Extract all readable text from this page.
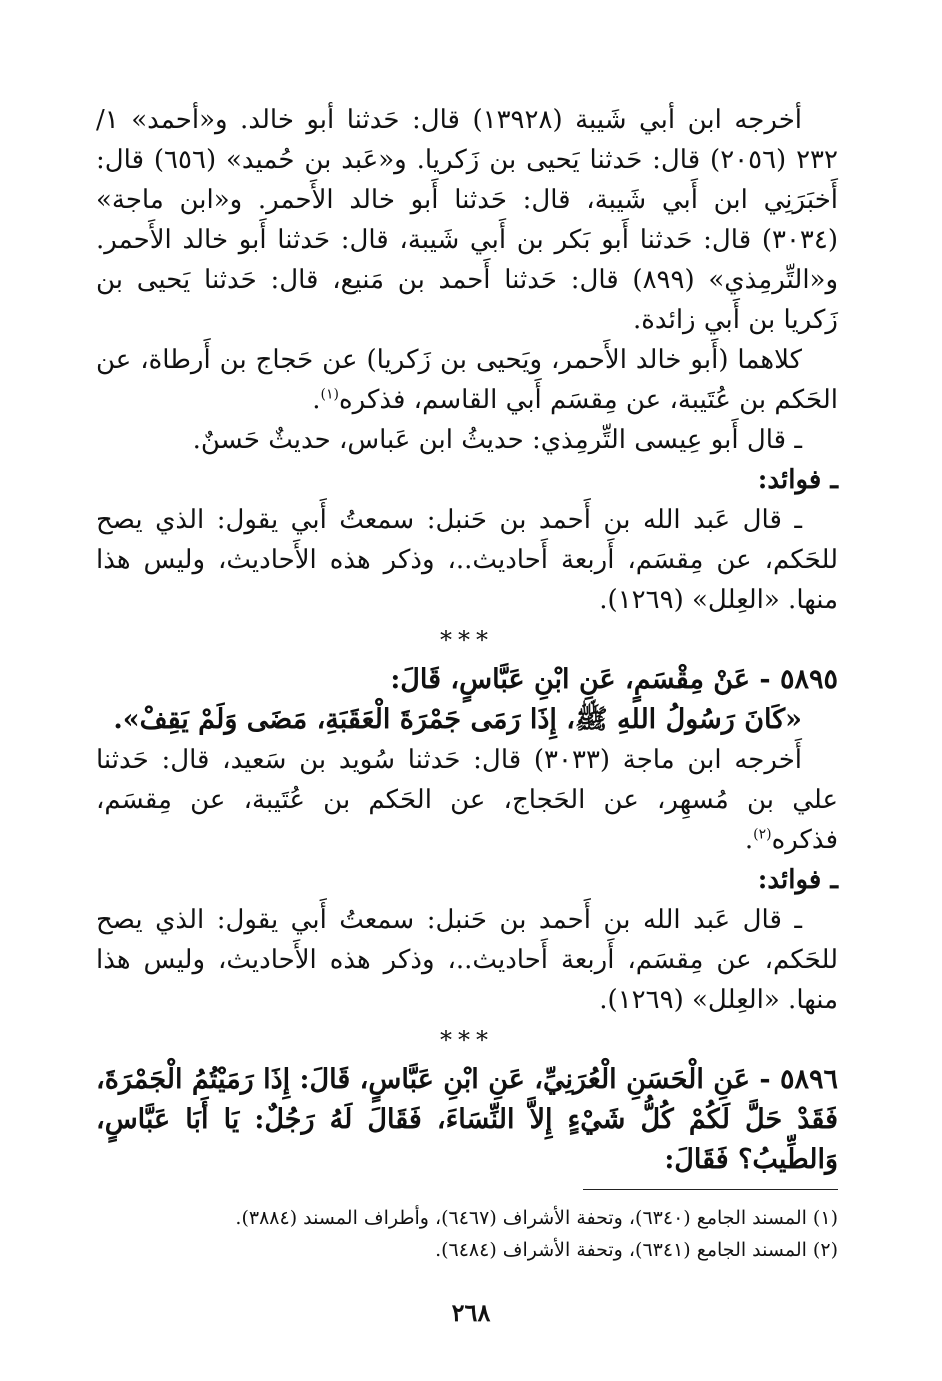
أخرجه ابن أبي شَيبة (١٣٩٢٨) قال: حَدثنا أبو خالد. و«أحمد» ١/ ٢٣٢ (٢٠٥٦) قال: حَدثنا يَحيى بن زَكريا. و«عَبد بن حُميد» (٦٥٦) قال: أَخبَرَنِي ابن أَبي شَيبة، قال: حَدثنا أَبو خالد الأَحمر. و«ابن ماجة» (٣٠٣٤) قال: حَدثنا أَبو بَكر بن أَبي شَيبة، قال: حَدثنا أَبو خالد الأَحمر. و«التِّرمِذي» (٨٩٩) قال: حَدثنا أَحمد بن مَنيع، قال: حَدثنا يَحيى بن زَكريا بن أَبي زائدة.

كلاهما (أَبو خالد الأَحمر، ويَحيى بن زَكريا) عن حَجاج بن أَرطاة، عن الحَكم بن عُتَيبة، عن مِقسَم أَبي القاسم، فذكره$^{(١)}$.

ـ قال أَبو عِيسى التِّرمِذي: حديثُ ابن عَباس، حديثٌ حَسنٌ.

ـ فوائد:

ـ قال عَبد الله بن أَحمد بن حَنبل: سمعتُ أَبي يقول: الذي يصح للحَكم، عن مِقسَم، أَربعة أَحاديث..، وذكر هذه الأَحاديث، وليس هذا منها. «العِلل» (١٢٦٩).

***

٥٨٩٥ - عَنْ مِقْسَمٍ، عَنِ ابْنِ عَبَّاسٍ، قَالَ:

«كَانَ رَسُولُ اللهِ ﷺ، إِذَا رَمَى جَمْرَةَ الْعَقَبَةِ، مَضَى وَلَمْ يَقِفْ».

أَخرجه ابن ماجة (٣٠٣٣) قال: حَدثنا سُويد بن سَعيد، قال: حَدثنا علي بن مُسهِر، عن الحَجاج، عن الحَكم بن عُتَيبة، عن مِقسَم، فذكره$^{(٢)}$.

ـ فوائد:

ـ قال عَبد الله بن أَحمد بن حَنبل: سمعتُ أَبي يقول: الذي يصح للحَكم، عن مِقسَم، أَربعة أَحاديث..، وذكر هذه الأَحاديث، وليس هذا منها. «العِلل» (١٢٦٩).

***

٥٨٩٦ - عَنِ الْحَسَنِ الْعُرَنِيِّ، عَنِ ابْنِ عَبَّاسٍ، قَالَ: إِذَا رَمَيْتُمُ الْجَمْرَةَ، فَقَدْ حَلَّ لَكُمْ كُلُّ شَيْءٍ إِلاَّ النِّسَاءَ، فَقَالَ لَهُ رَجُلٌ: يَا أَبَا عَبَّاسٍ، وَالطِّيبُ؟ فَقَالَ:

(١) المسند الجامع (٦٣٤٠)، وتحفة الأشراف (٦٤٦٧)، وأطراف المسند (٣٨٨٤).

(٢) المسند الجامع (٦٣٤١)، وتحفة الأشراف (٦٤٨٤).

٢٦٨
